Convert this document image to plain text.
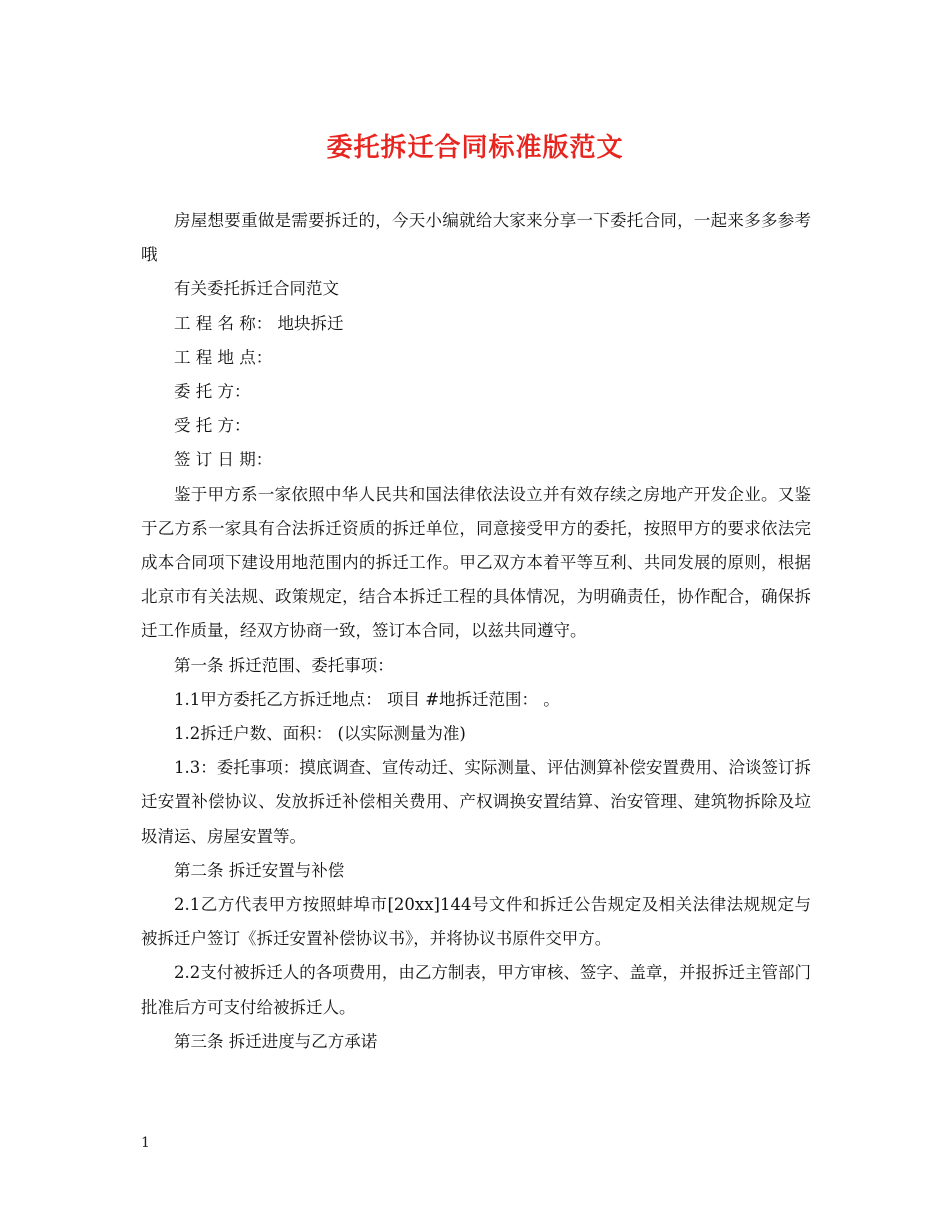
委托拆迁合同标准版范文

房屋想要重做是需要拆迁的，今天小编就给大家来分享一下委托合同，一起来多多参考哦

有关委托拆迁合同范文

工 程 名 称： 地块拆迁

工 程 地 点：

委 托 方：

受 托 方：

签 订 日 期：

鉴于甲方系一家依照中华人民共和国法律依法设立并有效存续之房地产开发企业。又鉴于乙方系一家具有合法拆迁资质的拆迁单位，同意接受甲方的委托，按照甲方的要求依法完成本合同项下建设用地范围内的拆迁工作。甲乙双方本着平等互利、共同发展的原则，根据北京市有关法规、政策规定，结合本拆迁工程的具体情况，为明确责任，协作配合，确保拆迁工作质量，经双方协商一致，签订本合同，以兹共同遵守。

第一条 拆迁范围、委托事项：

1.1甲方委托乙方拆迁地点： 项目 #地拆迁范围： 。

1.2拆迁户数、面积： (以实际测量为准)

1.3：委托事项：摸底调查、宣传动迁、实际测量、评估测算补偿安置费用、洽谈签订拆迁安置补偿协议、发放拆迁补偿相关费用、产权调换安置结算、治安管理、建筑物拆除及垃圾清运、房屋安置等。

第二条 拆迁安置与补偿

2.1乙方代表甲方按照蚌埠市[20xx]144号文件和拆迁公告规定及相关法律法规规定与被拆迁户签订《拆迁安置补偿协议书》，并将协议书原件交甲方。

2.2支付被拆迁人的各项费用，由乙方制表，甲方审核、签字、盖章，并报拆迁主管部门批准后方可支付给被拆迁人。

第三条 拆迁进度与乙方承诺

1
